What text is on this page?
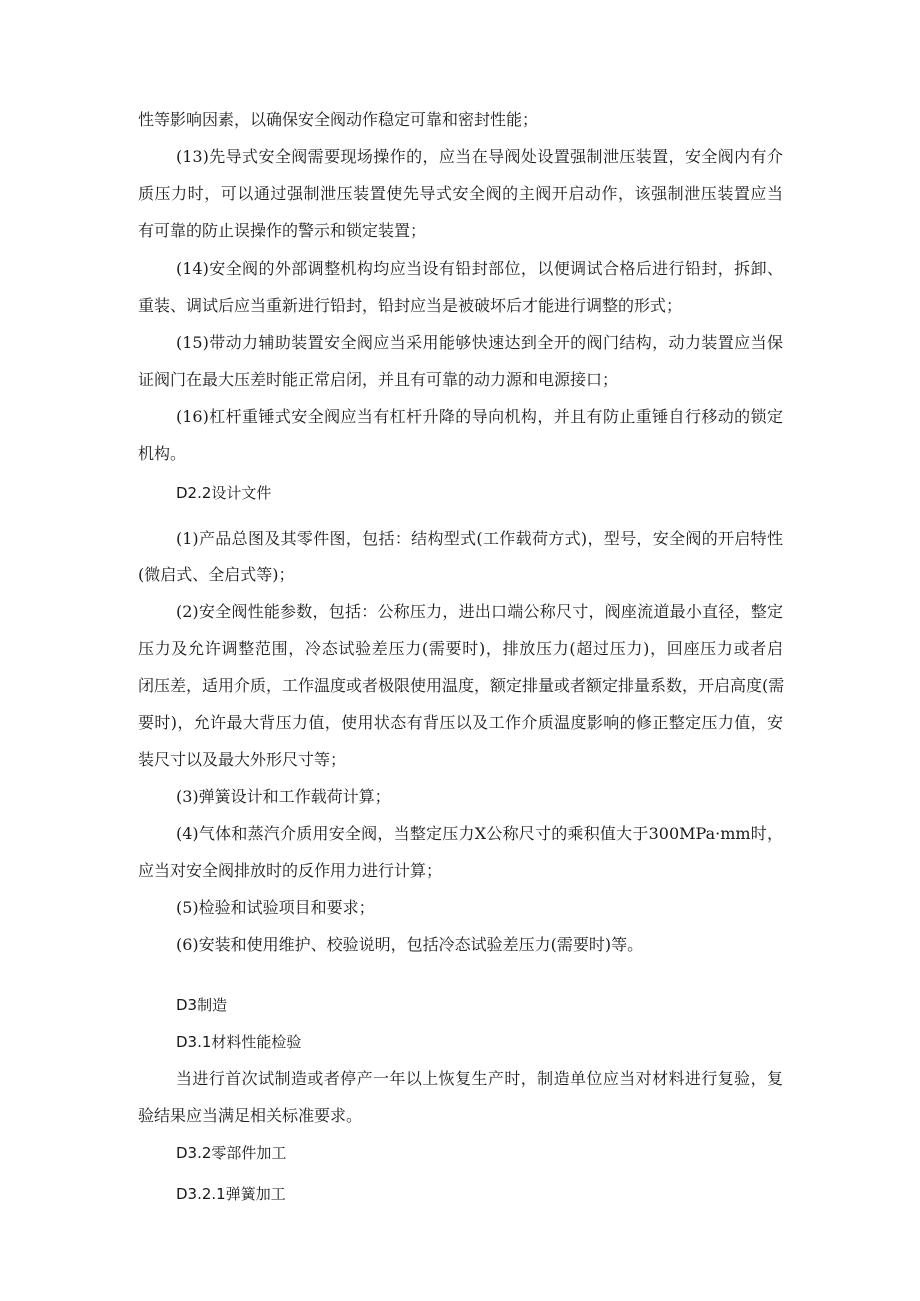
性等影响因素，以确保安全阀动作稳定可靠和密封性能；
(13)先导式安全阀需要现场操作的，应当在导阀处设置强制泄压装置，安全阀内有介
质压力时，可以通过强制泄压装置使先导式安全阀的主阀开启动作，该强制泄压装置应当
有可靠的防止误操作的警示和锁定装置；
(14)安全阀的外部调整机构均应当设有铅封部位，以便调试合格后进行铅封，拆卸、
重装、调试后应当重新进行铅封，铅封应当是被破坏后才能进行调整的形式；
(15)带动力辅助装置安全阀应当采用能够快速达到全开的阀门结构，动力装置应当保
证阀门在最大压差时能正常启闭，并且有可靠的动力源和电源接口；
(16)杠杆重锤式安全阀应当有杠杆升降的导向机构，并且有防止重锤自行移动的锁定
机构。
D2.2设计文件
(1)产品总图及其零件图，包括：结构型式(工作载荷方式)，型号，安全阀的开启特性
(微启式、全启式等)；
(2)安全阀性能参数，包括：公称压力，进出口端公称尺寸，阀座流道最小直径，整定
压力及允许调整范围，冷态试验差压力(需要时)，排放压力(超过压力)，回座压力或者启
闭压差，适用介质，工作温度或者极限使用温度，额定排量或者额定排量系数，开启高度(需
要时)，允许最大背压力值，使用状态有背压以及工作介质温度影响的修正整定压力值，安
装尺寸以及最大外形尺寸等；
(3)弹簧设计和工作载荷计算；
(4)气体和蒸汽介质用安全阀，当整定压力X公称尺寸的乘积值大于300MPa·mm时，
应当对安全阀排放时的反作用力进行计算；
(5)检验和试验项目和要求；
(6)安装和使用维护、校验说明，包括冷态试验差压力(需要时)等。
D3制造
D3.1材料性能检验
当进行首次试制造或者停产一年以上恢复生产时，制造单位应当对材料进行复验，复
验结果应当满足相关标准要求。
D3.2零部件加工
D3.2.1弹簧加工
